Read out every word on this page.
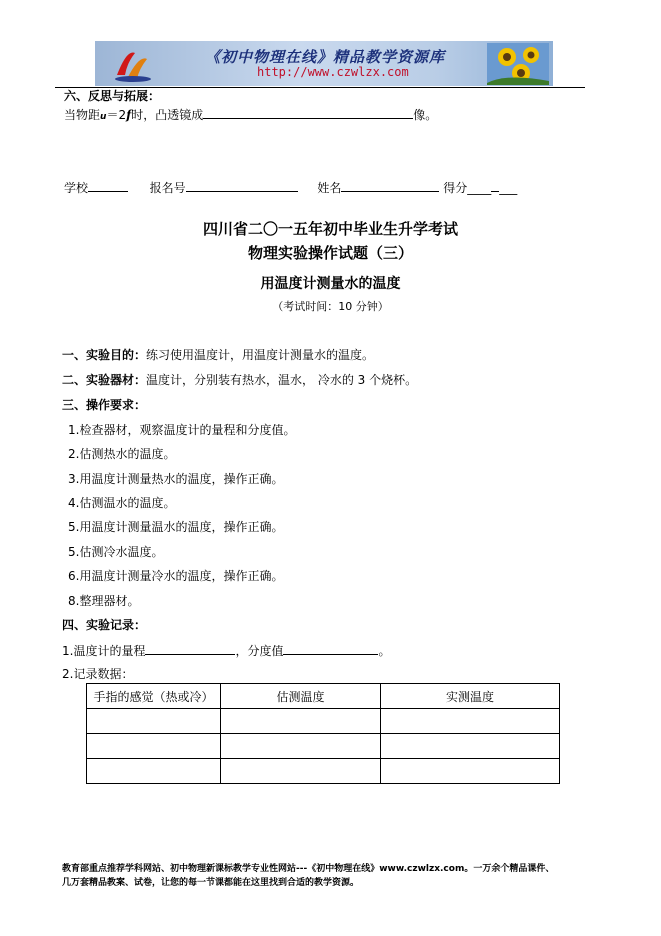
《初中物理在线》精品教学资源库
http://www.czwlzx.com
六、反思与拓展：
当物距u＝2f时，凸透镜成	像。
学校	报名号	姓名	得分____ ___
四川省二〇一五年初中毕业生升学考试
物理实验操作试题（三）
用温度计测量水的温度
（考试时间：10 分钟）
一、实验目的：练习使用温度计，用温度计测量水的温度。
二、实验器材：温度计，分别装有热水，温水， 冷水的 3 个烧杯。
三、操作要求：
1.检查器材，观察温度计的量程和分度值。
2.估测热水的温度。
3.用温度计测量热水的温度，操作正确。
4.估测温水的温度。
5.用温度计测量温水的温度，操作正确。
5.估测冷水温度。
6.用温度计测量冷水的温度，操作正确。
8.整理器材。
四、实验记录：
1.温度计的量程	，分度值	。
2.记录数据：
手指的感觉（热或冷）	估测温度	实测温度

教育部重点推荐学科网站、初中物理新课标教学专业性网站---《初中物理在线》www.czwlzx.com。一万余个精品课件、
几万套精品教案、试卷，让您的每一节课都能在这里找到合适的教学资源。
